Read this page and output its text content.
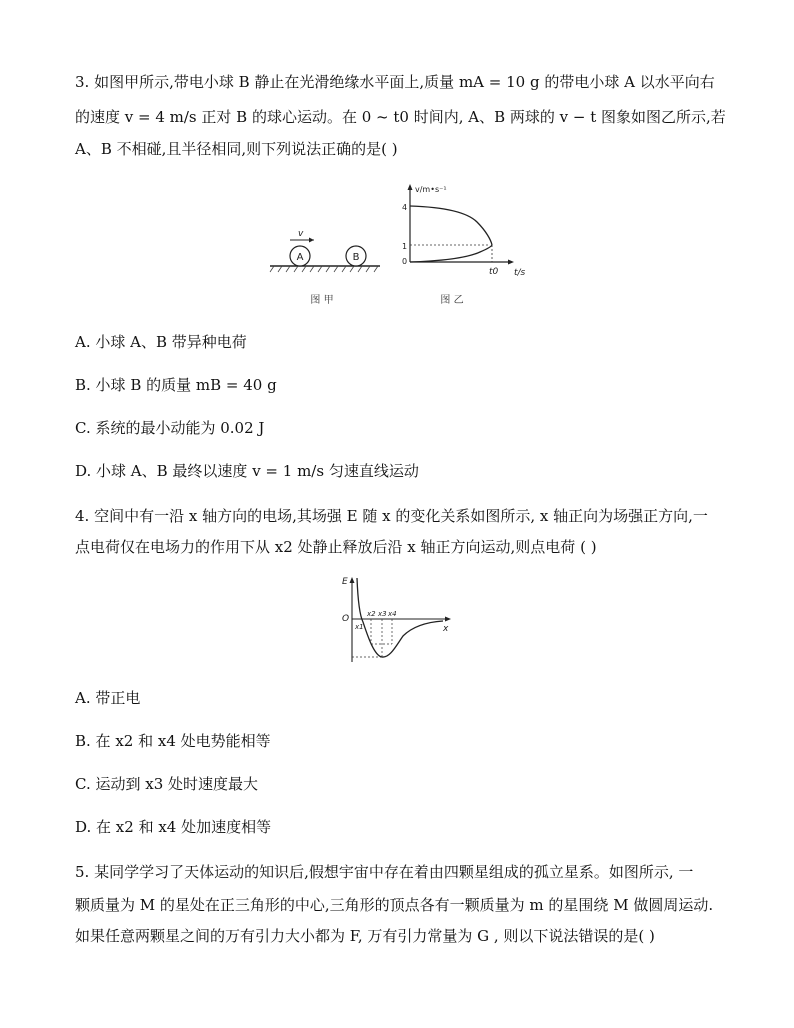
3. 如图甲所示,带电小球 B 静止在光滑绝缘水平面上,质量 mA = 10 g 的带电小球 A 以水平向右
的速度 v = 4 m/s 正对 B 的球心运动。在 0 ~ t0 时间内, A、B 两球的 v − t 图象如图乙所示,若
A、B 不相碰,且半径相同,则下列说法正确的是( )
A	B
v
v/m•s⁻¹
t/s
4
1
0
t0
图 甲	图 乙
A. 小球 A、B 带异种电荷
B. 小球 B 的质量 mB = 40 g
C. 系统的最小动能为 0.02 J
D. 小球 A、B 最终以速度 v = 1 m/s 匀速直线运动
4. 空间中有一沿 x 轴方向的电场,其场强 E 随 x 的变化关系如图所示, x 轴正向为场强正方向,一
点电荷仅在电场力的作用下从 x2 处静止释放后沿 x 轴正方向运动,则点电荷 ( )
E
x
O
x1
x2 x3 x4
A. 带正电
B. 在 x2 和 x4 处电势能相等
C. 运动到 x3 处时速度最大
D. 在 x2 和 x4 处加速度相等
5. 某同学学习了天体运动的知识后,假想宇宙中存在着由四颗星组成的孤立星系。如图所示, 一
颗质量为 M 的星处在正三角形的中心,三角形的顶点各有一颗质量为 m 的星围绕 M 做圆周运动.
如果任意两颗星之间的万有引力大小都为 F, 万有引力常量为 G , 则以下说法错误的是( )
